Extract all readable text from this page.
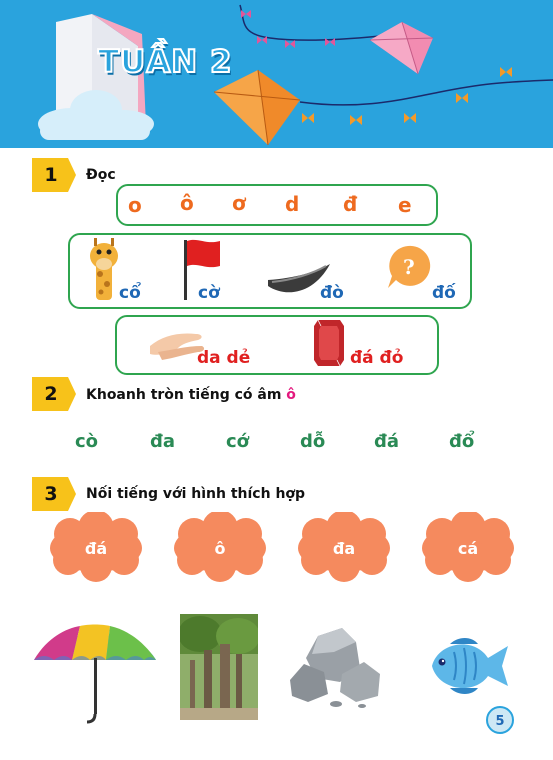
TUẦN 2
1	Đọc
o ô ơ d đ e
cổ	cờ	đò
?
đố
da dẻ	đá đỏ
2	Khoanh tròn tiếng có âm ô
cò	đa	cớ	dỗ	đá	đổ
3	Nối tiếng với hình thích hợp
đá	ô	đa	cá
5
